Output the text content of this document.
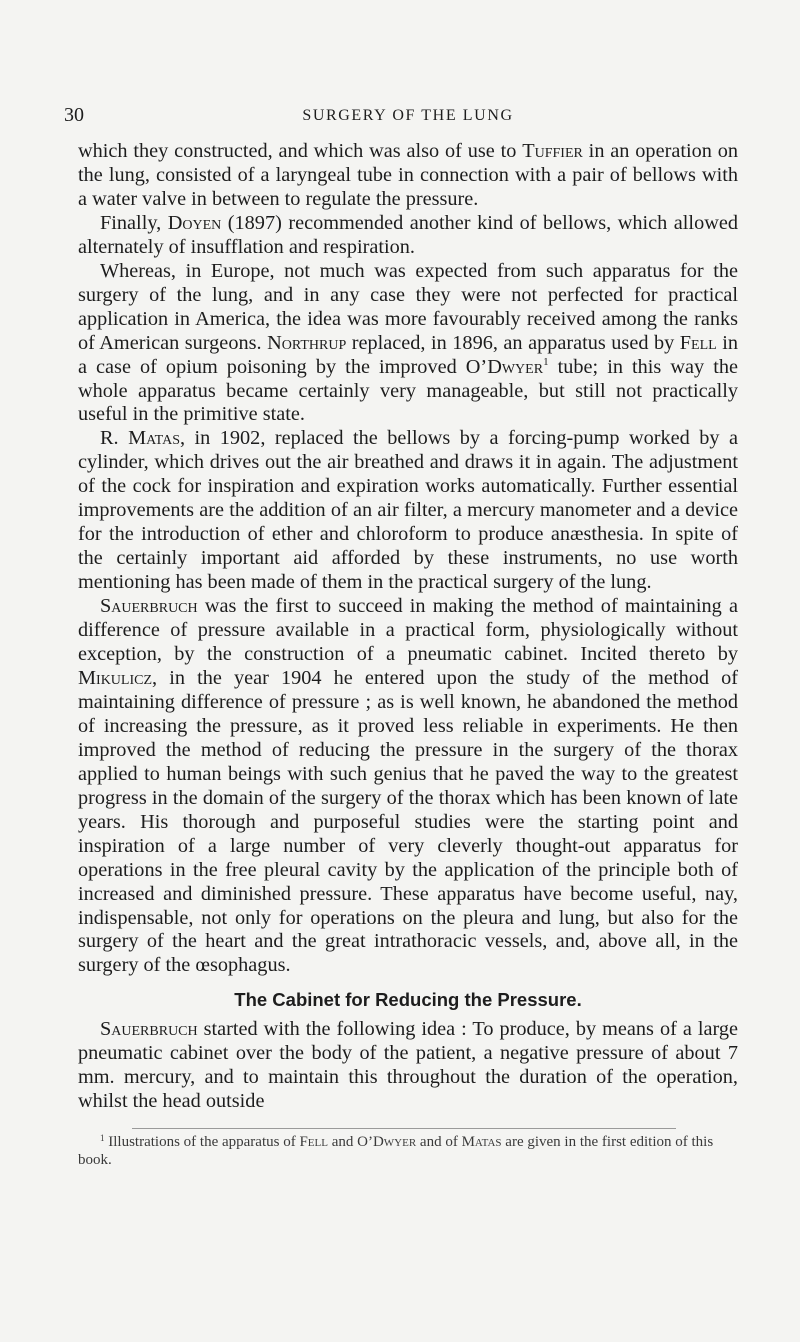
30	SURGERY OF THE LUNG

which they constructed, and which was also of use to Tuffier in an operation on the lung, consisted of a laryngeal tube in connection with a pair of bellows with a water valve in between to regulate the pressure.

Finally, Doyen (1897) recommended another kind of bellows, which allowed alternately of insufflation and respiration.

Whereas, in Europe, not much was expected from such apparatus for the surgery of the lung, and in any case they were not perfected for practical application in America, the idea was more favourably received among the ranks of American surgeons. Northrup replaced, in 1896, an apparatus used by Fell in a case of opium poisoning by the improved O’Dwyer$^1$ tube; in this way the whole apparatus became certainly very manageable, but still not practically useful in the primitive state.

R. Matas, in 1902, replaced the bellows by a forcing-pump worked by a cylinder, which drives out the air breathed and draws it in again. The adjustment of the cock for inspiration and expiration works automatically. Further essential improvements are the addition of an air filter, a mercury manometer and a device for the introduction of ether and chloroform to produce anæsthesia. In spite of the certainly important aid afforded by these instruments, no use worth mentioning has been made of them in the practical surgery of the lung.

Sauerbruch was the first to succeed in making the method of maintaining a difference of pressure available in a practical form, physiologically without exception, by the construction of a pneumatic cabinet. Incited thereto by Mikulicz, in the year 1904 he entered upon the study of the method of maintaining difference of pressure ; as is well known, he abandoned the method of increasing the pressure, as it proved less reliable in experiments. He then improved the method of reducing the pressure in the surgery of the thorax applied to human beings with such genius that he paved the way to the greatest progress in the domain of the surgery of the thorax which has been known of late years. His thorough and purposeful studies were the starting point and inspiration of a large number of very cleverly thought-out apparatus for operations in the free pleural cavity by the application of the principle both of increased and diminished pressure. These apparatus have become useful, nay, indispensable, not only for operations on the pleura and lung, but also for the surgery of the heart and the great intrathoracic vessels, and, above all, in the surgery of the œsophagus.

The Cabinet for Reducing the Pressure.

Sauerbruch started with the following idea : To produce, by means of a large pneumatic cabinet over the body of the patient, a negative pressure of about 7 mm. mercury, and to maintain this throughout the duration of the operation, whilst the head outside

$^1$ Illustrations of the apparatus of Fell and O’Dwyer and of Matas are given in the first edition of this book.
